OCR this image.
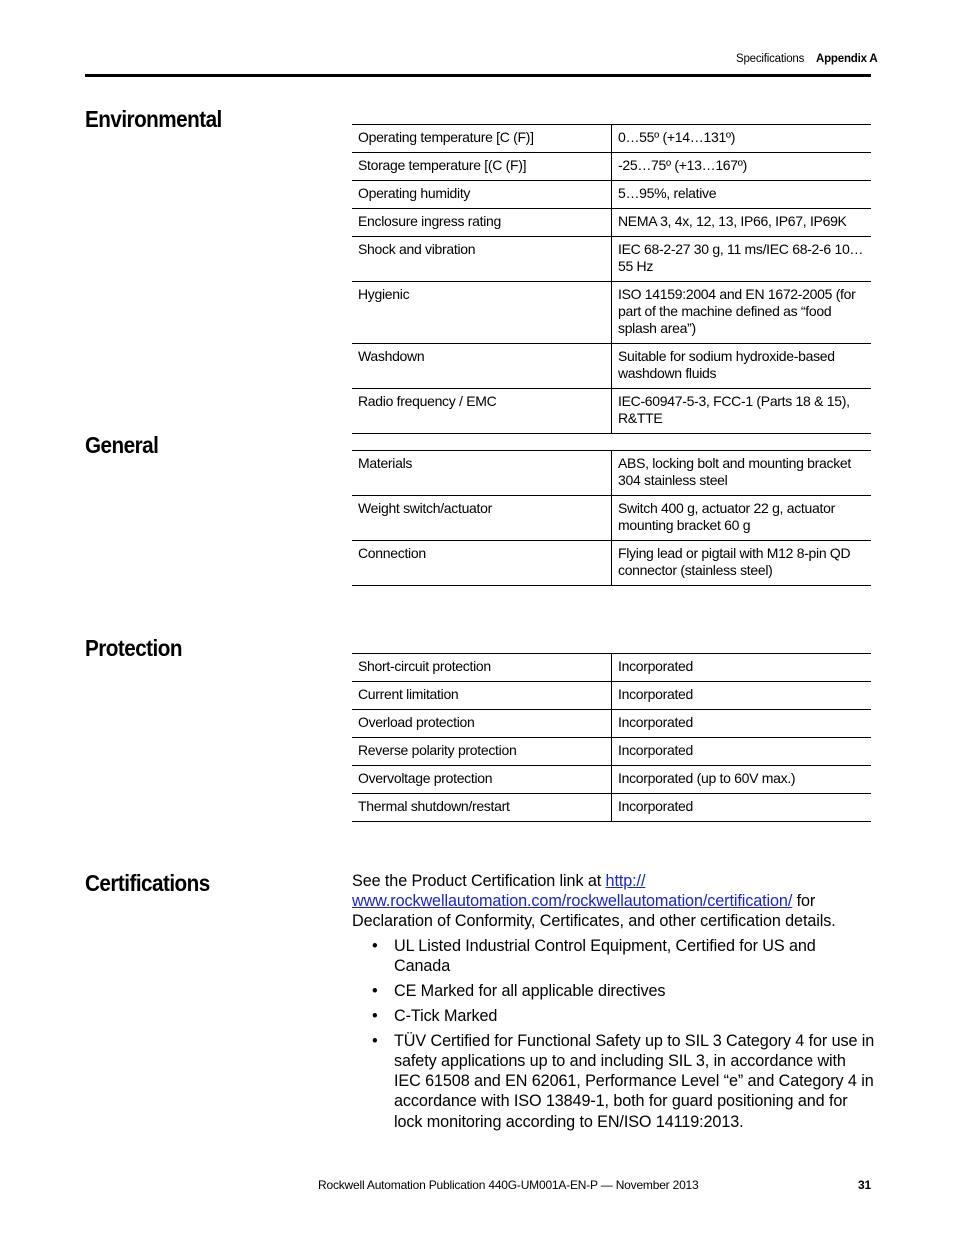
Specifications Appendix A
Environmental
Operating temperature [C (F)]	0…55º (+14…131º)
Storage temperature [(C (F)]	-25…75º (+13…167º)
Operating humidity	5…95%, relative
Enclosure ingress rating	NEMA 3, 4x, 12, 13, IP66, IP67, IP69K
Shock and vibration	IEC 68-2-27 30 g, 11 ms/IEC 68-2-6 10…55 Hz
Hygienic	ISO 14159:2004 and EN 1672-2005 (for part of the machine defined as “food splash area”)
Washdown	Suitable for sodium hydroxide-based washdown fluids
Radio frequency / EMC	IEC-60947-5-3, FCC-1 (Parts 18 & 15), R&TTE
General
Materials	ABS, locking bolt and mounting bracket 304 stainless steel
Weight switch/actuator	Switch 400 g, actuator 22 g, actuator mounting bracket 60 g
Connection	Flying lead or pigtail with M12 8-pin QD connector (stainless steel)
Protection
Short-circuit protection	Incorporated
Current limitation	Incorporated
Overload protection	Incorporated
Reverse polarity protection	Incorporated
Overvoltage protection	Incorporated (up to 60V max.)
Thermal shutdown/restart	Incorporated
Certifications	See the Product Certification link at http://
www.rockwellautomation.com/rockwellautomation/certification/ for Declaration of Conformity, Certificates, and other certification details.
• UL Listed Industrial Control Equipment, Certified for US and Canada
• CE Marked for all applicable directives
• C-Tick Marked
• TÜV Certified for Functional Safety up to SIL 3 Category 4 for use in safety applications up to and including SIL 3, in accordance with IEC 61508 and EN 62061, Performance Level “e” and Category 4 in accordance with ISO 13849-1, both for guard positioning and for lock monitoring according to EN/ISO 14119:2013.
Rockwell Automation Publication 440G-UM001A-EN-P — November 2013	31
